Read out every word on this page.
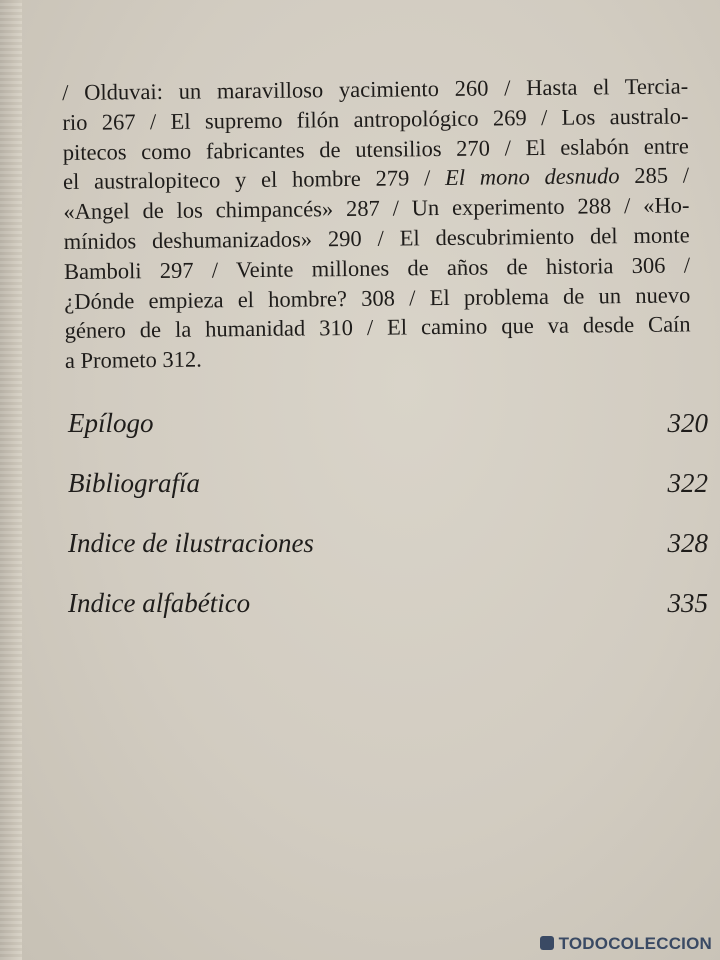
/ Olduvai: un maravilloso yacimiento 260 / Hasta el Tercia-
rio 267 / El supremo filón antropológico 269 / Los australo-
pitecos como fabricantes de utensilios 270 / El eslabón entre
el australopiteco y el hombre 279 / El mono desnudo 285 /
«Angel de los chimpancés» 287 / Un experimento 288 / «Ho-
mínidos deshumanizados» 290 / El descubrimiento del monte
Bamboli 297 / Veinte millones de años de historia 306 /
¿Dónde empieza el hombre? 308 / El problema de un nuevo
género de la humanidad 310 / El camino que va desde Caín
a Prometo 312.
Epílogo	320
Bibliografía	322
Indice de ilustraciones	328
Indice alfabético	335
TODOCOLECCION
